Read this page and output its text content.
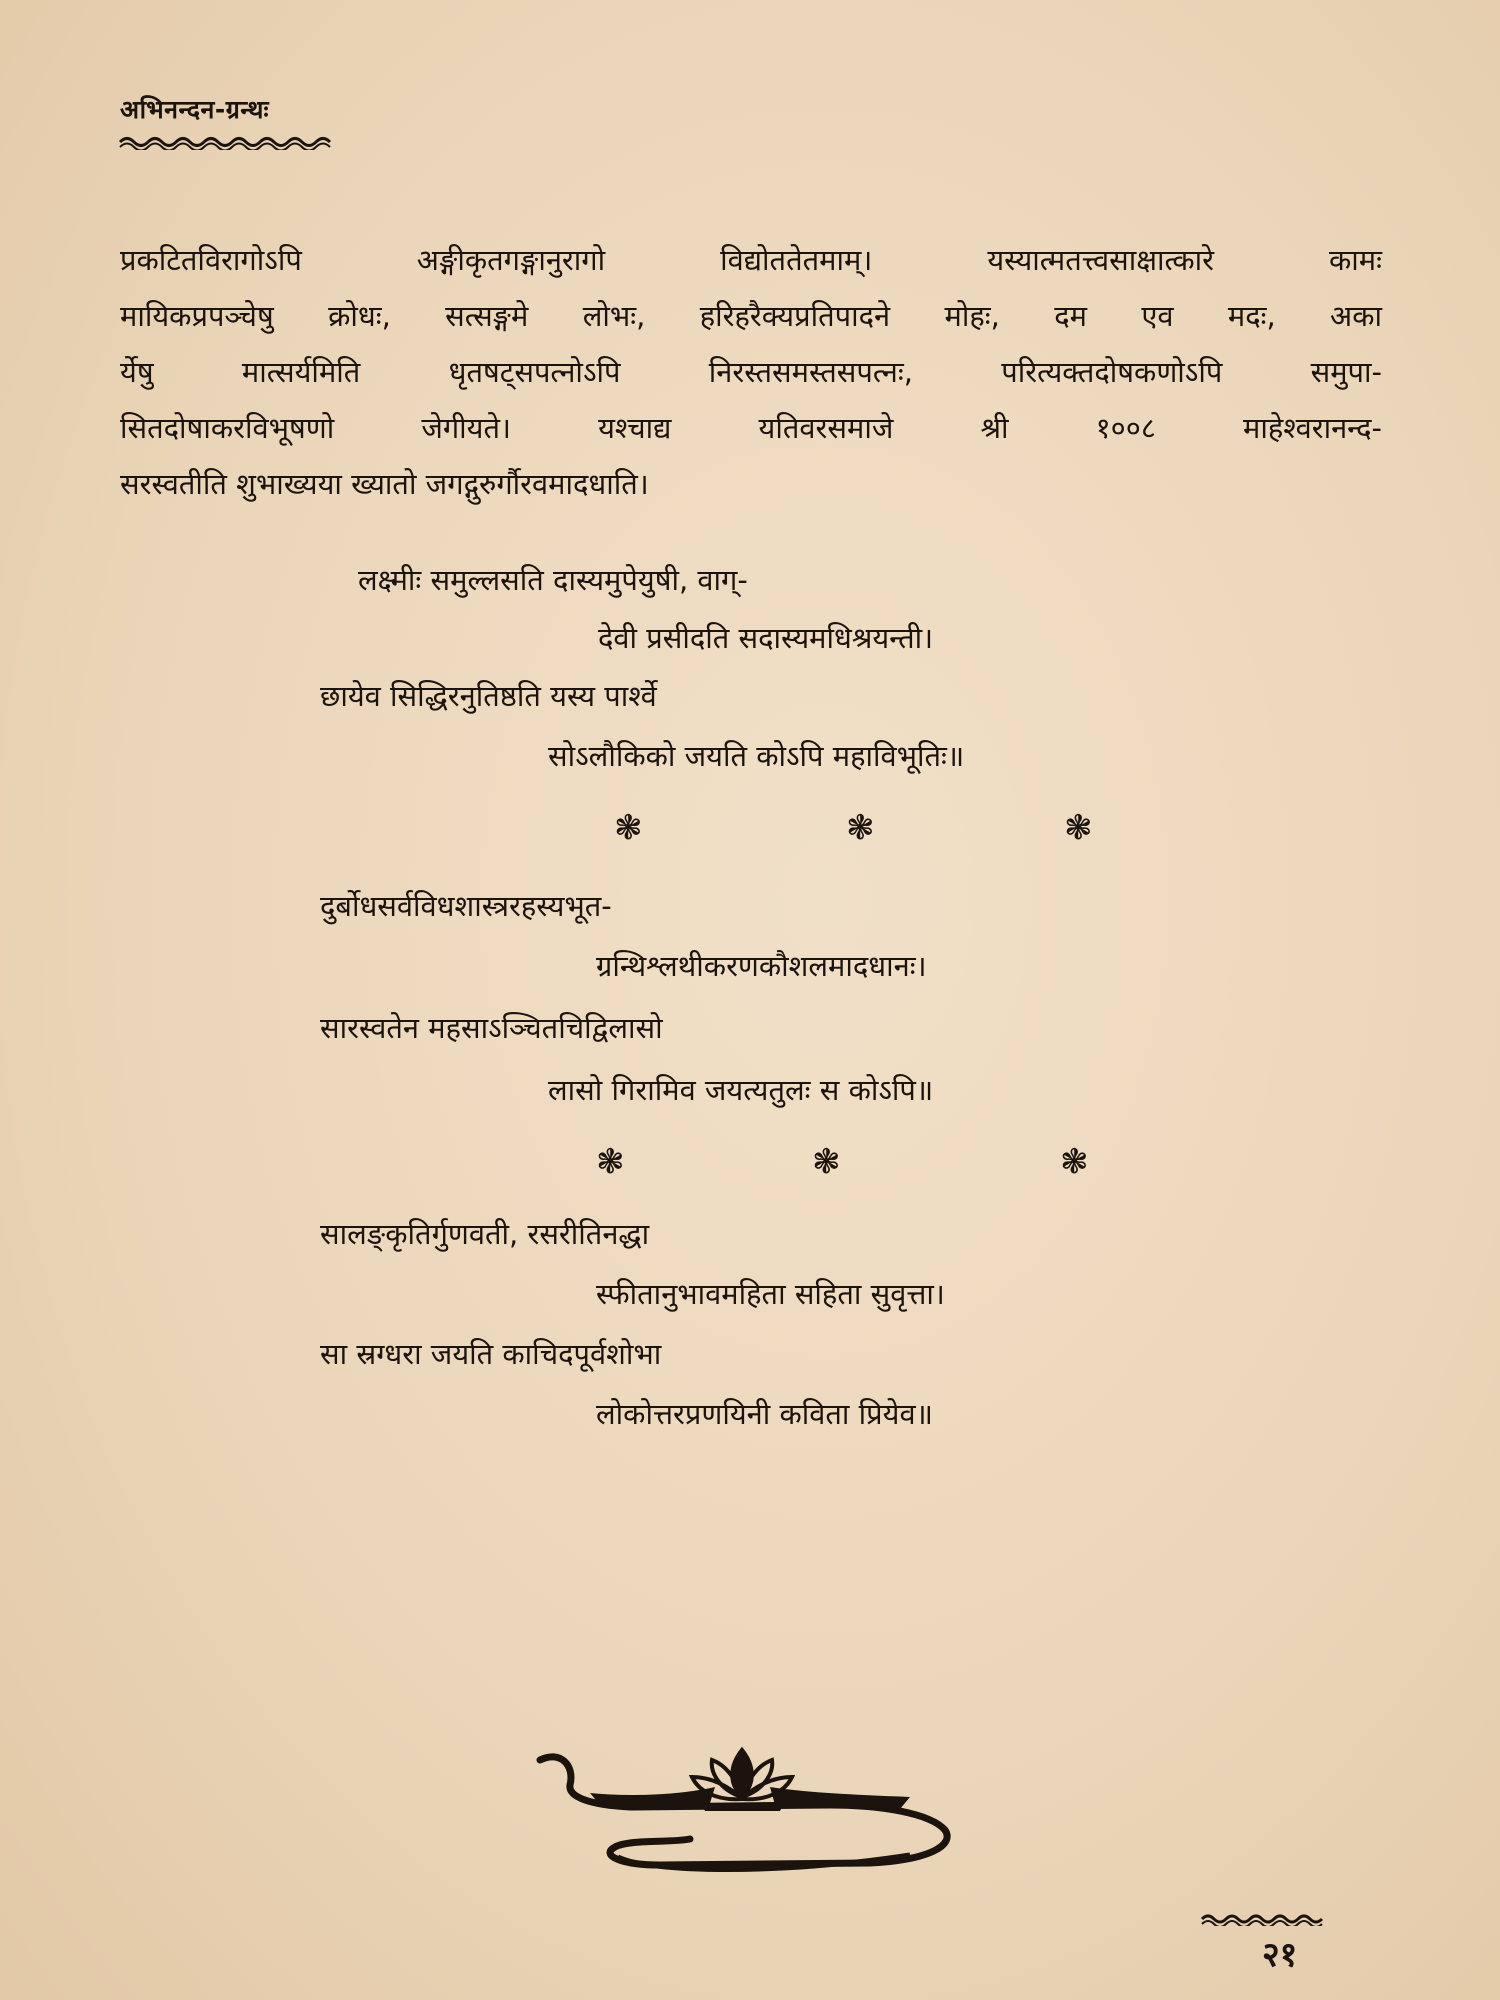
अभिनन्दन-ग्रन्थः
प्रकटितविरागोऽपि अङ्गीकृतगङ्गानुरागो विद्योततेतमाम्। यस्यात्मतत्त्वसाक्षात्कारे कामः
मायिकप्रपञ्चेषु क्रोधः, सत्सङ्गमे लोभः, हरिहरैक्यप्रतिपादने मोहः, दम एव मदः, अका
र्येषु मात्सर्यमिति धृतषट्सपत्नोऽपि निरस्तसमस्तसपत्नः, परित्यक्तदोषकणोऽपि समुपा-
सितदोषाकरविभूषणो जेगीयते। यश्चाद्य यतिवरसमाजे श्री १००८ माहेश्वरानन्द-
सरस्वतीति शुभाख्यया ख्यातो जगद्गुरुर्गौरवमादधाति।
लक्ष्मीः समुल्लसति दास्यमुपेयुषी, वाग्-
देवी प्रसीदति सदास्यमधिश्रयन्ती।
छायेव सिद्धिरनुतिष्ठति यस्य पार्श्वे
सोऽलौकिको जयति कोऽपि महाविभूतिः॥
❃	❃	❃
दुर्बोधसर्वविधशास्त्ररहस्यभूत-
ग्रन्थिश्लथीकरणकौशलमादधानः।
सारस्वतेन महसाऽञ्चितचिद्विलासो
लासो गिरामिव जयत्यतुलः स कोऽपि॥
❃	❃	❃
सालङ्कृतिर्गुणवती, रसरीतिनद्धा
स्फीतानुभावमहिता सहिता सुवृत्ता।
सा स्रग्धरा जयति काचिदपूर्वशोभा
लोकोत्तरप्रणयिनी कविता प्रियेव॥
२१
